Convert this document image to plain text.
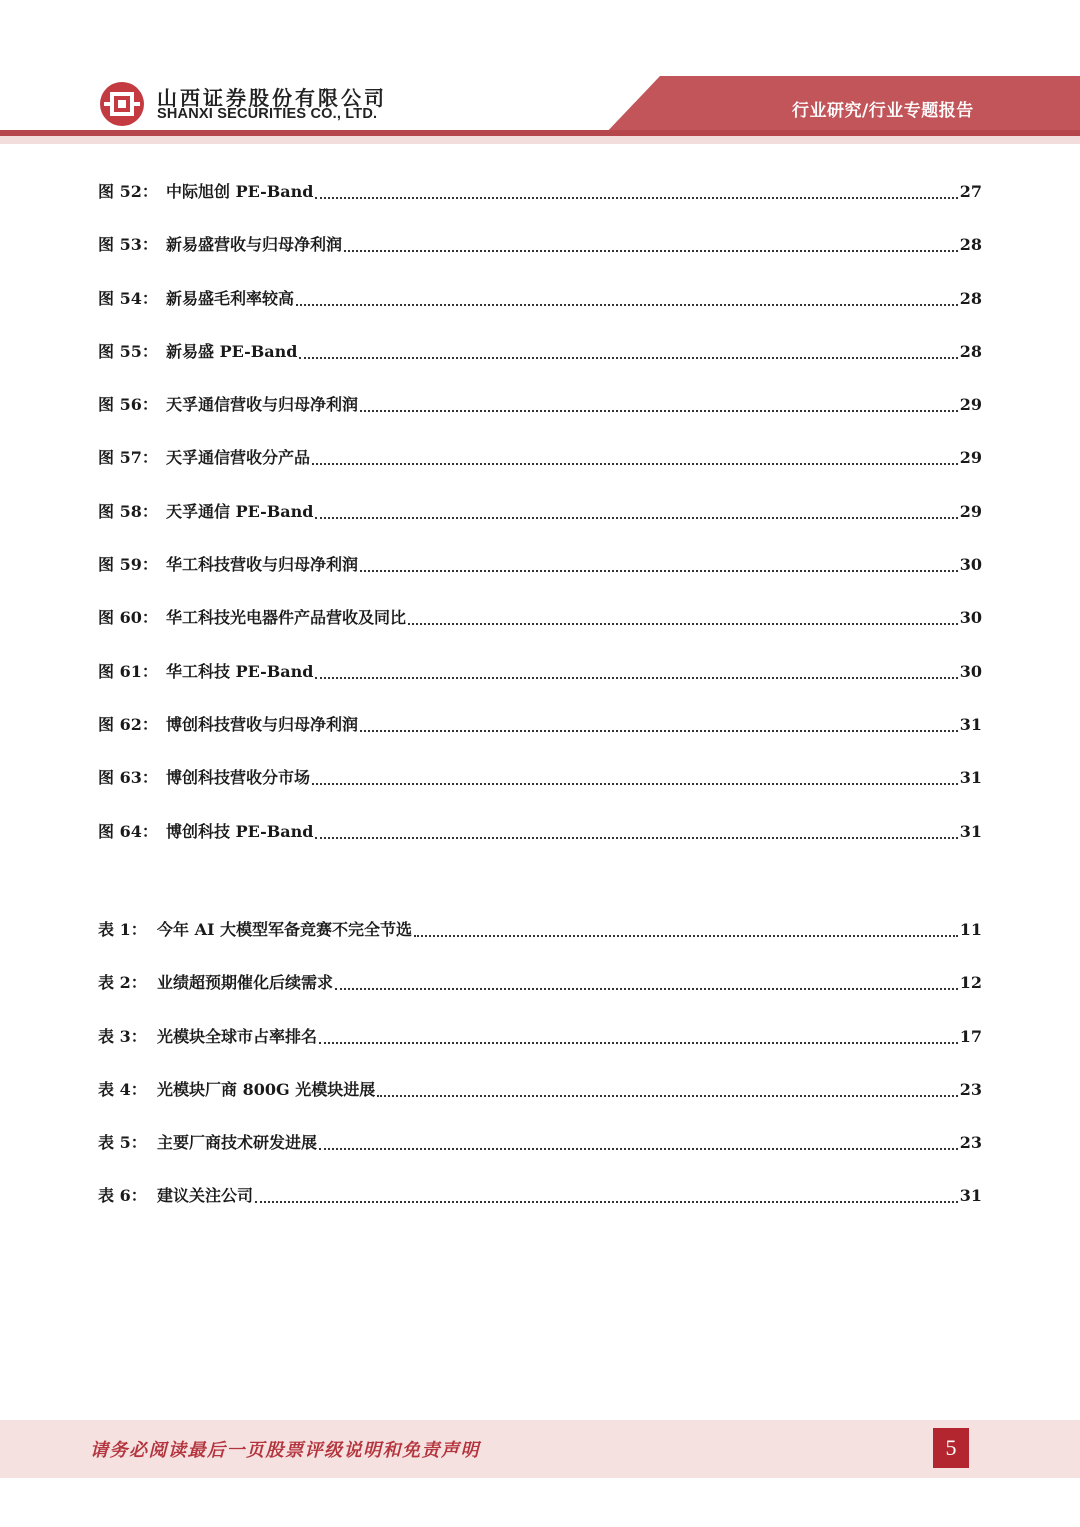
山西证券股份有限公司
SHANXI SECURITIES CO., LTD.	行业研究/行业专题报告
图 52： 中际旭创 PE-Band	27
图 53： 新易盛营收与归母净利润	28
图 54： 新易盛毛利率较高	28
图 55： 新易盛 PE-Band	28
图 56： 天孚通信营收与归母净利润	29
图 57： 天孚通信营收分产品	29
图 58： 天孚通信 PE-Band	29
图 59： 华工科技营收与归母净利润	30
图 60： 华工科技光电器件产品营收及同比	30
图 61： 华工科技 PE-Band	30
图 62： 博创科技营收与归母净利润	31
图 63： 博创科技营收分市场	31
图 64： 博创科技 PE-Band	31
表 1： 今年 AI 大模型军备竞赛不完全节选	11
表 2： 业绩超预期催化后续需求	12
表 3： 光模块全球市占率排名	17
表 4： 光模块厂商 800G 光模块进展	23
表 5： 主要厂商技术研发进展	23
表 6： 建议关注公司	31
请务必阅读最后一页股票评级说明和免责声明	5
